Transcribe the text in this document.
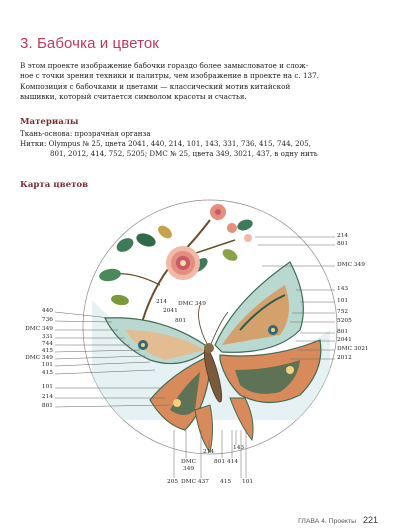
3. Бабочка и цветок

В этом проекте изображение бабочки гораздо более замысловатое и слож-

ное с точки зрения техники и палитры, чем изображение в проекте на с. 137.

Композиция с бабочками и цветами — классический мотив китайской

вышивки, который считается символом красоты и счастья.

Материалы
Ткань-основа: прозрачная органза
Нитки: Olympus № 25, цвета 2041, 440, 214, 101, 143, 331, 736, 415, 744, 205,
801, 2012, 414, 752, 5205; DMC № 25, цвета 349, 3021, 437, в одну нить
Карта цветов
214
801
DMC 349
143
101
752
5205
801
2041
DMC 3021
2012
440
736
DMC 349
331
744
415
DMC 349
101
415
101
214
801
214
2041
DMC 349
801
DMC
349
205
214
DMC 437
801 414
415
143
101
ГЛАВА 4. Проекты 221
